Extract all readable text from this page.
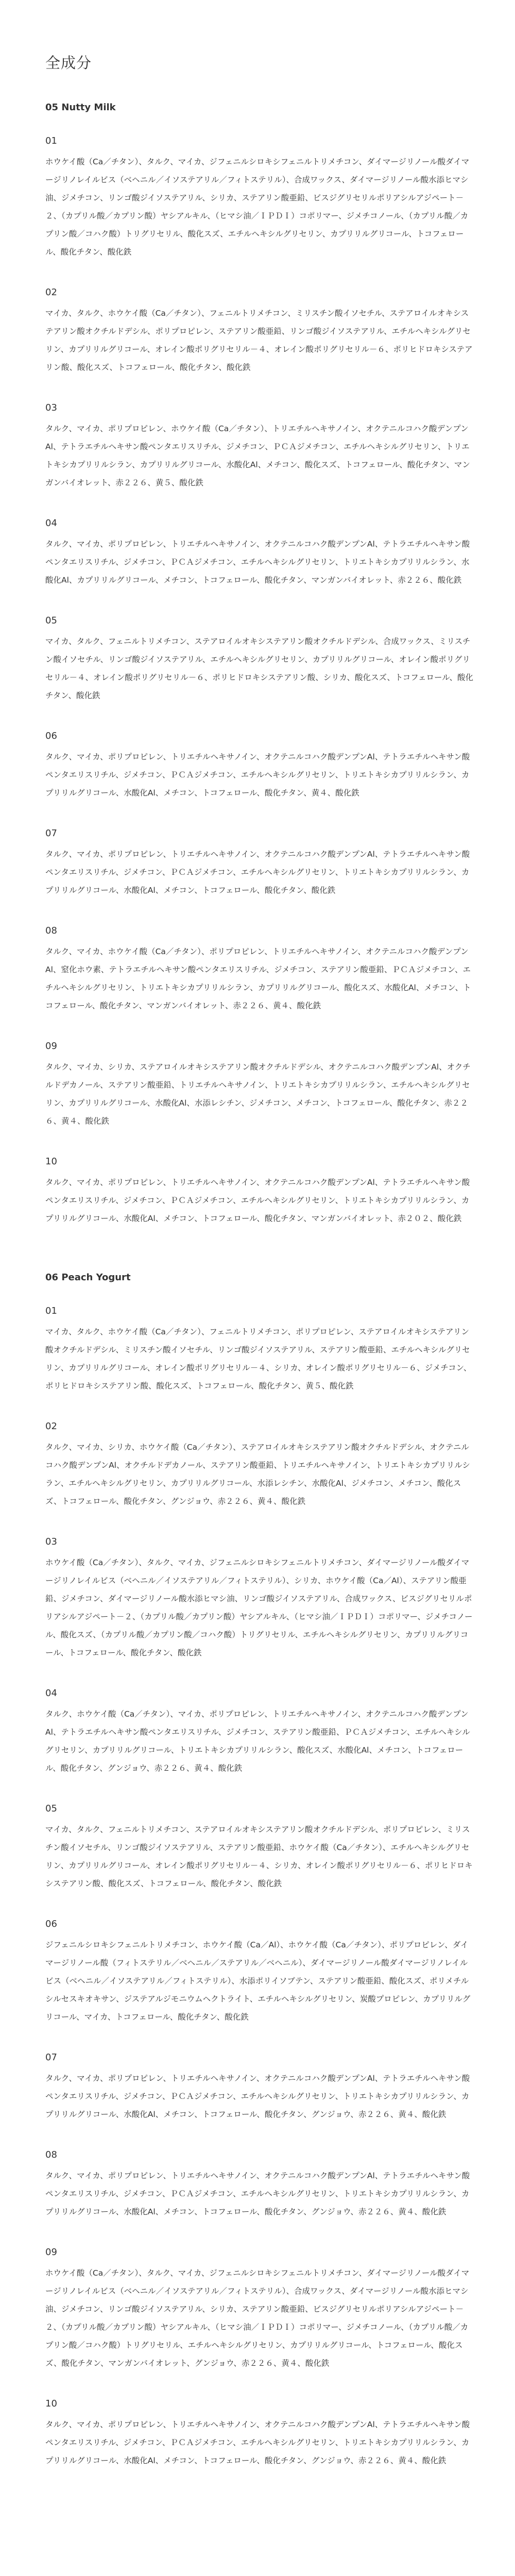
全成分
05 Nutty Milk
01

ホウケイ酸（Ca／チタン）、タルク、マイカ、ジフェニルシロキシフェニルトリメチコン、ダイマージリノール酸ダイマージリノレイルビス（ベヘニル／イソステアリル／フィトステリル）、合成ワックス、ダイマージリノール酸水添ヒマシ油、ジメチコン、リンゴ酸ジイソステアリル、シリカ、ステアリン酸亜鉛、ビスジグリセリルポリアシルアジペート－２、（カプリル酸／カプリン酸）ヤシアルキル、（ヒマシ油／ＩＰＤＩ）コポリマー、ジメチコノール、（カプリル酸／カプリン酸／コハク酸）トリグリセリル、酸化スズ、エチルヘキシルグリセリン、カプリリルグリコール、トコフェロール、酸化チタン、酸化鉄

02

マイカ、タルク、ホウケイ酸（Ca／チタン）、フェニルトリメチコン、ミリスチン酸イソセチル、ステアロイルオキシステアリン酸オクチルドデシル、ポリプロピレン、ステアリン酸亜鉛、リンゴ酸ジイソステアリル、エチルヘキシルグリセリン、カプリリルグリコール、オレイン酸ポリグリセリル－４、オレイン酸ポリグリセリル－６、ポリヒドロキシステアリン酸、酸化スズ、トコフェロール、酸化チタン、酸化鉄

03

タルク、マイカ、ポリプロピレン、ホウケイ酸（Ca／チタン）、トリエチルヘキサノイン、オクテニルコハク酸デンプンAl、テトラエチルヘキサン酸ペンタエリスリチル、ジメチコン、ＰＣＡジメチコン、エチルヘキシルグリセリン、トリエトキシカプリリルシラン、カプリリルグリコール、水酸化Al、メチコン、酸化スズ、トコフェロール、酸化チタン、マンガンバイオレット、赤２２６、黄５、酸化鉄

04

タルク、マイカ、ポリプロピレン、トリエチルヘキサノイン、オクテニルコハク酸デンプンAl、テトラエチルヘキサン酸ペンタエリスリチル、ジメチコン、ＰＣＡジメチコン、エチルヘキシルグリセリン、トリエトキシカプリリルシラン、水酸化Al、カプリリルグリコール、メチコン、トコフェロール、酸化チタン、マンガンバイオレット、赤２２６、酸化鉄

05

マイカ、タルク、フェニルトリメチコン、ステアロイルオキシステアリン酸オクチルドデシル、合成ワックス、ミリスチン酸イソセチル、リンゴ酸ジイソステアリル、エチルヘキシルグリセリン、カプリリルグリコール、オレイン酸ポリグリセリル－４、オレイン酸ポリグリセリル－６、ポリヒドロキシステアリン酸、シリカ、酸化スズ、トコフェロール、酸化チタン、酸化鉄

06

タルク、マイカ、ポリプロピレン、トリエチルヘキサノイン、オクテニルコハク酸デンプンAl、テトラエチルヘキサン酸ペンタエリスリチル、ジメチコン、ＰＣＡジメチコン、エチルヘキシルグリセリン、トリエトキシカプリリルシラン、カプリリルグリコール、水酸化Al、メチコン、トコフェロール、酸化チタン、黄４、酸化鉄

07

タルク、マイカ、ポリプロピレン、トリエチルヘキサノイン、オクテニルコハク酸デンプンAl、テトラエチルヘキサン酸ペンタエリスリチル、ジメチコン、ＰＣＡジメチコン、エチルヘキシルグリセリン、トリエトキシカプリリルシラン、カプリリルグリコール、水酸化Al、メチコン、トコフェロール、酸化チタン、酸化鉄

08

タルク、マイカ、ホウケイ酸（Ca／チタン）、ポリプロピレン、トリエチルヘキサノイン、オクテニルコハク酸デンプンAl、窒化ホウ素、テトラエチルヘキサン酸ペンタエリスリチル、ジメチコン、ステアリン酸亜鉛、ＰＣＡジメチコン、エチルヘキシルグリセリン、トリエトキシカプリリルシラン、カプリリルグリコール、酸化スズ、水酸化Al、メチコン、トコフェロール、酸化チタン、マンガンバイオレット、赤２２６、黄４、酸化鉄

09

タルク、マイカ、シリカ、ステアロイルオキシステアリン酸オクチルドデシル、オクテニルコハク酸デンプンAl、オクチルドデカノール、ステアリン酸亜鉛、トリエチルヘキサノイン、トリエトキシカプリリルシラン、エチルヘキシルグリセリン、カプリリルグリコール、水酸化Al、水添レシチン、ジメチコン、メチコン、トコフェロール、酸化チタン、赤２２６、黄４、酸化鉄

10

タルク、マイカ、ポリプロピレン、トリエチルヘキサノイン、オクテニルコハク酸デンプンAl、テトラエチルヘキサン酸ペンタエリスリチル、ジメチコン、ＰＣＡジメチコン、エチルヘキシルグリセリン、トリエトキシカプリリルシラン、カプリリルグリコール、水酸化Al、メチコン、トコフェロール、酸化チタン、マンガンバイオレット、赤２０２、酸化鉄

06 Peach Yogurt
01

マイカ、タルク、ホウケイ酸（Ca／チタン）、フェニルトリメチコン、ポリプロピレン、ステアロイルオキシステアリン酸オクチルドデシル、ミリスチン酸イソセチル、リンゴ酸ジイソステアリル、ステアリン酸亜鉛、エチルヘキシルグリセリン、カプリリルグリコール、オレイン酸ポリグリセリル－４、シリカ、オレイン酸ポリグリセリル－６、ジメチコン、ポリヒドロキシステアリン酸、酸化スズ、トコフェロール、酸化チタン、黄５、酸化鉄

02

タルク、マイカ、シリカ、ホウケイ酸（Ca／チタン）、ステアロイルオキシステアリン酸オクチルドデシル、オクテニルコハク酸デンプンAl、オクチルドデカノール、ステアリン酸亜鉛、トリエチルヘキサノイン、トリエトキシカプリリルシラン、エチルヘキシルグリセリン、カプリリルグリコール、水添レシチン、水酸化Al、ジメチコン、メチコン、酸化スズ、トコフェロール、酸化チタン、グンジョウ、赤２２６、黄４、酸化鉄

03

ホウケイ酸（Ca／チタン）、タルク、マイカ、ジフェニルシロキシフェニルトリメチコン、ダイマージリノール酸ダイマージリノレイルビス（ベヘニル／イソステアリル／フィトステリル）、シリカ、ホウケイ酸（Ca／Al）、ステアリン酸亜鉛、ジメチコン、ダイマージリノール酸水添ヒマシ油、リンゴ酸ジイソステアリル、合成ワックス、ビスジグリセリルポリアシルアジペート－２、（カプリル酸／カプリン酸）ヤシアルキル、（ヒマシ油／ＩＰＤＩ）コポリマー、ジメチコノール、酸化スズ、（カプリル酸／カプリン酸／コハク酸）トリグリセリル、エチルヘキシルグリセリン、カプリリルグリコール、トコフェロール、酸化チタン、酸化鉄

04

タルク、ホウケイ酸（Ca／チタン）、マイカ、ポリプロピレン、トリエチルヘキサノイン、オクテニルコハク酸デンプンAl、テトラエチルヘキサン酸ペンタエリスリチル、ジメチコン、ステアリン酸亜鉛、ＰＣＡジメチコン、エチルヘキシルグリセリン、カプリリルグリコール、トリエトキシカプリリルシラン、酸化スズ、水酸化Al、メチコン、トコフェロール、酸化チタン、グンジョウ、赤２２６、黄４、酸化鉄

05

マイカ、タルク、フェニルトリメチコン、ステアロイルオキシステアリン酸オクチルドデシル、ポリプロピレン、ミリスチン酸イソセチル、リンゴ酸ジイソステアリル、ステアリン酸亜鉛、ホウケイ酸（Ca／チタン）、エチルヘキシルグリセリン、カプリリルグリコール、オレイン酸ポリグリセリル－４、シリカ、オレイン酸ポリグリセリル－６、ポリヒドロキシステアリン酸、酸化スズ、トコフェロール、酸化チタン、酸化鉄

06

ジフェニルシロキシフェニルトリメチコン、ホウケイ酸（Ca／Al）、ホウケイ酸（Ca／チタン）、ポリプロピレン、ダイマージリノール酸（フィトステリル／ベヘニル／ステアリル／ベヘニル）、ダイマージリノール酸ダイマージリノレイルビス（ベヘニル／イソステアリル／フィトステリル）、水添ポリイソブテン、ステアリン酸亜鉛、酸化スズ、ポリメチルシルセスキオキサン、ジステアルジモニウムヘクトライト、エチルヘキシルグリセリン、炭酸プロピレン、カプリリルグリコール、マイカ、トコフェロール、酸化チタン、酸化鉄

07

タルク、マイカ、ポリプロピレン、トリエチルヘキサノイン、オクテニルコハク酸デンプンAl、テトラエチルヘキサン酸ペンタエリスリチル、ジメチコン、ＰＣＡジメチコン、エチルヘキシルグリセリン、トリエトキシカプリリルシラン、カプリリルグリコール、水酸化Al、メチコン、トコフェロール、酸化チタン、グンジョウ、赤２２６、黄４、酸化鉄

08

タルク、マイカ、ポリプロピレン、トリエチルヘキサノイン、オクテニルコハク酸デンプンAl、テトラエチルヘキサン酸ペンタエリスリチル、ジメチコン、ＰＣＡジメチコン、エチルヘキシルグリセリン、トリエトキシカプリリルシラン、カプリリルグリコール、水酸化Al、メチコン、トコフェロール、酸化チタン、グンジョウ、赤２２６、黄４、酸化鉄

09

ホウケイ酸（Ca／チタン）、タルク、マイカ、ジフェニルシロキシフェニルトリメチコン、ダイマージリノール酸ダイマージリノレイルビス（ベヘニル／イソステアリル／フィトステリル）、合成ワックス、ダイマージリノール酸水添ヒマシ油、ジメチコン、リンゴ酸ジイソステアリル、シリカ、ステアリン酸亜鉛、ビスジグリセリルポリアシルアジペート－２、（カプリル酸／カプリン酸）ヤシアルキル、（ヒマシ油／ＩＰＤＩ）コポリマー、ジメチコノール、（カプリル酸／カプリン酸／コハク酸）トリグリセリル、エチルヘキシルグリセリン、カプリリルグリコール、トコフェロール、酸化スズ、酸化チタン、マンガンバイオレット、グンジョウ、赤２２６、黄４、酸化鉄

10

タルク、マイカ、ポリプロピレン、トリエチルヘキサノイン、オクテニルコハク酸デンプンAl、テトラエチルヘキサン酸ペンタエリスリチル、ジメチコン、ＰＣＡジメチコン、エチルヘキシルグリセリン、トリエトキシカプリリルシラン、カプリリルグリコール、水酸化Al、メチコン、トコフェロール、酸化チタン、グンジョウ、赤２２６、黄４、酸化鉄
